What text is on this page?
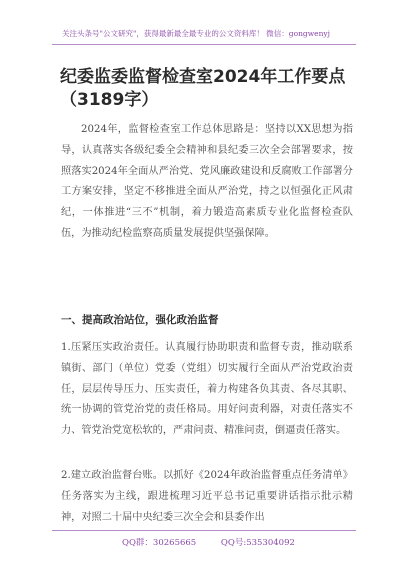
关注头条号"公文研究"，获得最新最全最专业的公文资料库！ 微信：gongwenyj
纪委监委监督检查室2024年工作要点（3189字）

2024年，监督检查室工作总体思路是：坚持以XX思想为指导，认真落实各级纪委全会精神和县纪委三次全会部署要求，按照落实2024年全面从严治党、党风廉政建设和反腐败工作部署分工方案安排，坚定不移推进全面从严治党，持之以恒强化正风肃纪，一体推进“三不”机制，着力锻造高素质专业化监督检查队伍，为推动纪检监察高质量发展提供坚强保障。

一、提高政治站位，强化政治监督

1.压紧压实政治责任。认真履行协助职责和监督专责，推动联系镇街、部门（单位）党委（党组）切实履行全面从严治党政治责任，层层传导压力、压实责任，着力构建各负其责、各尽其职、统一协调的管党治党的责任格局。用好问责利器，对责任落实不力、管党治党宽松软的，严肃问责、精准问责，倒逼责任落实。

2.建立政治监督台账。以抓好《2024年政治监督重点任务清单》任务落实为主线，跟进梳理习近平总书记重要讲话指示批示精神，对照二十届中央纪委三次全会和县委作出

QQ群：30265665	QQ号:535304092
